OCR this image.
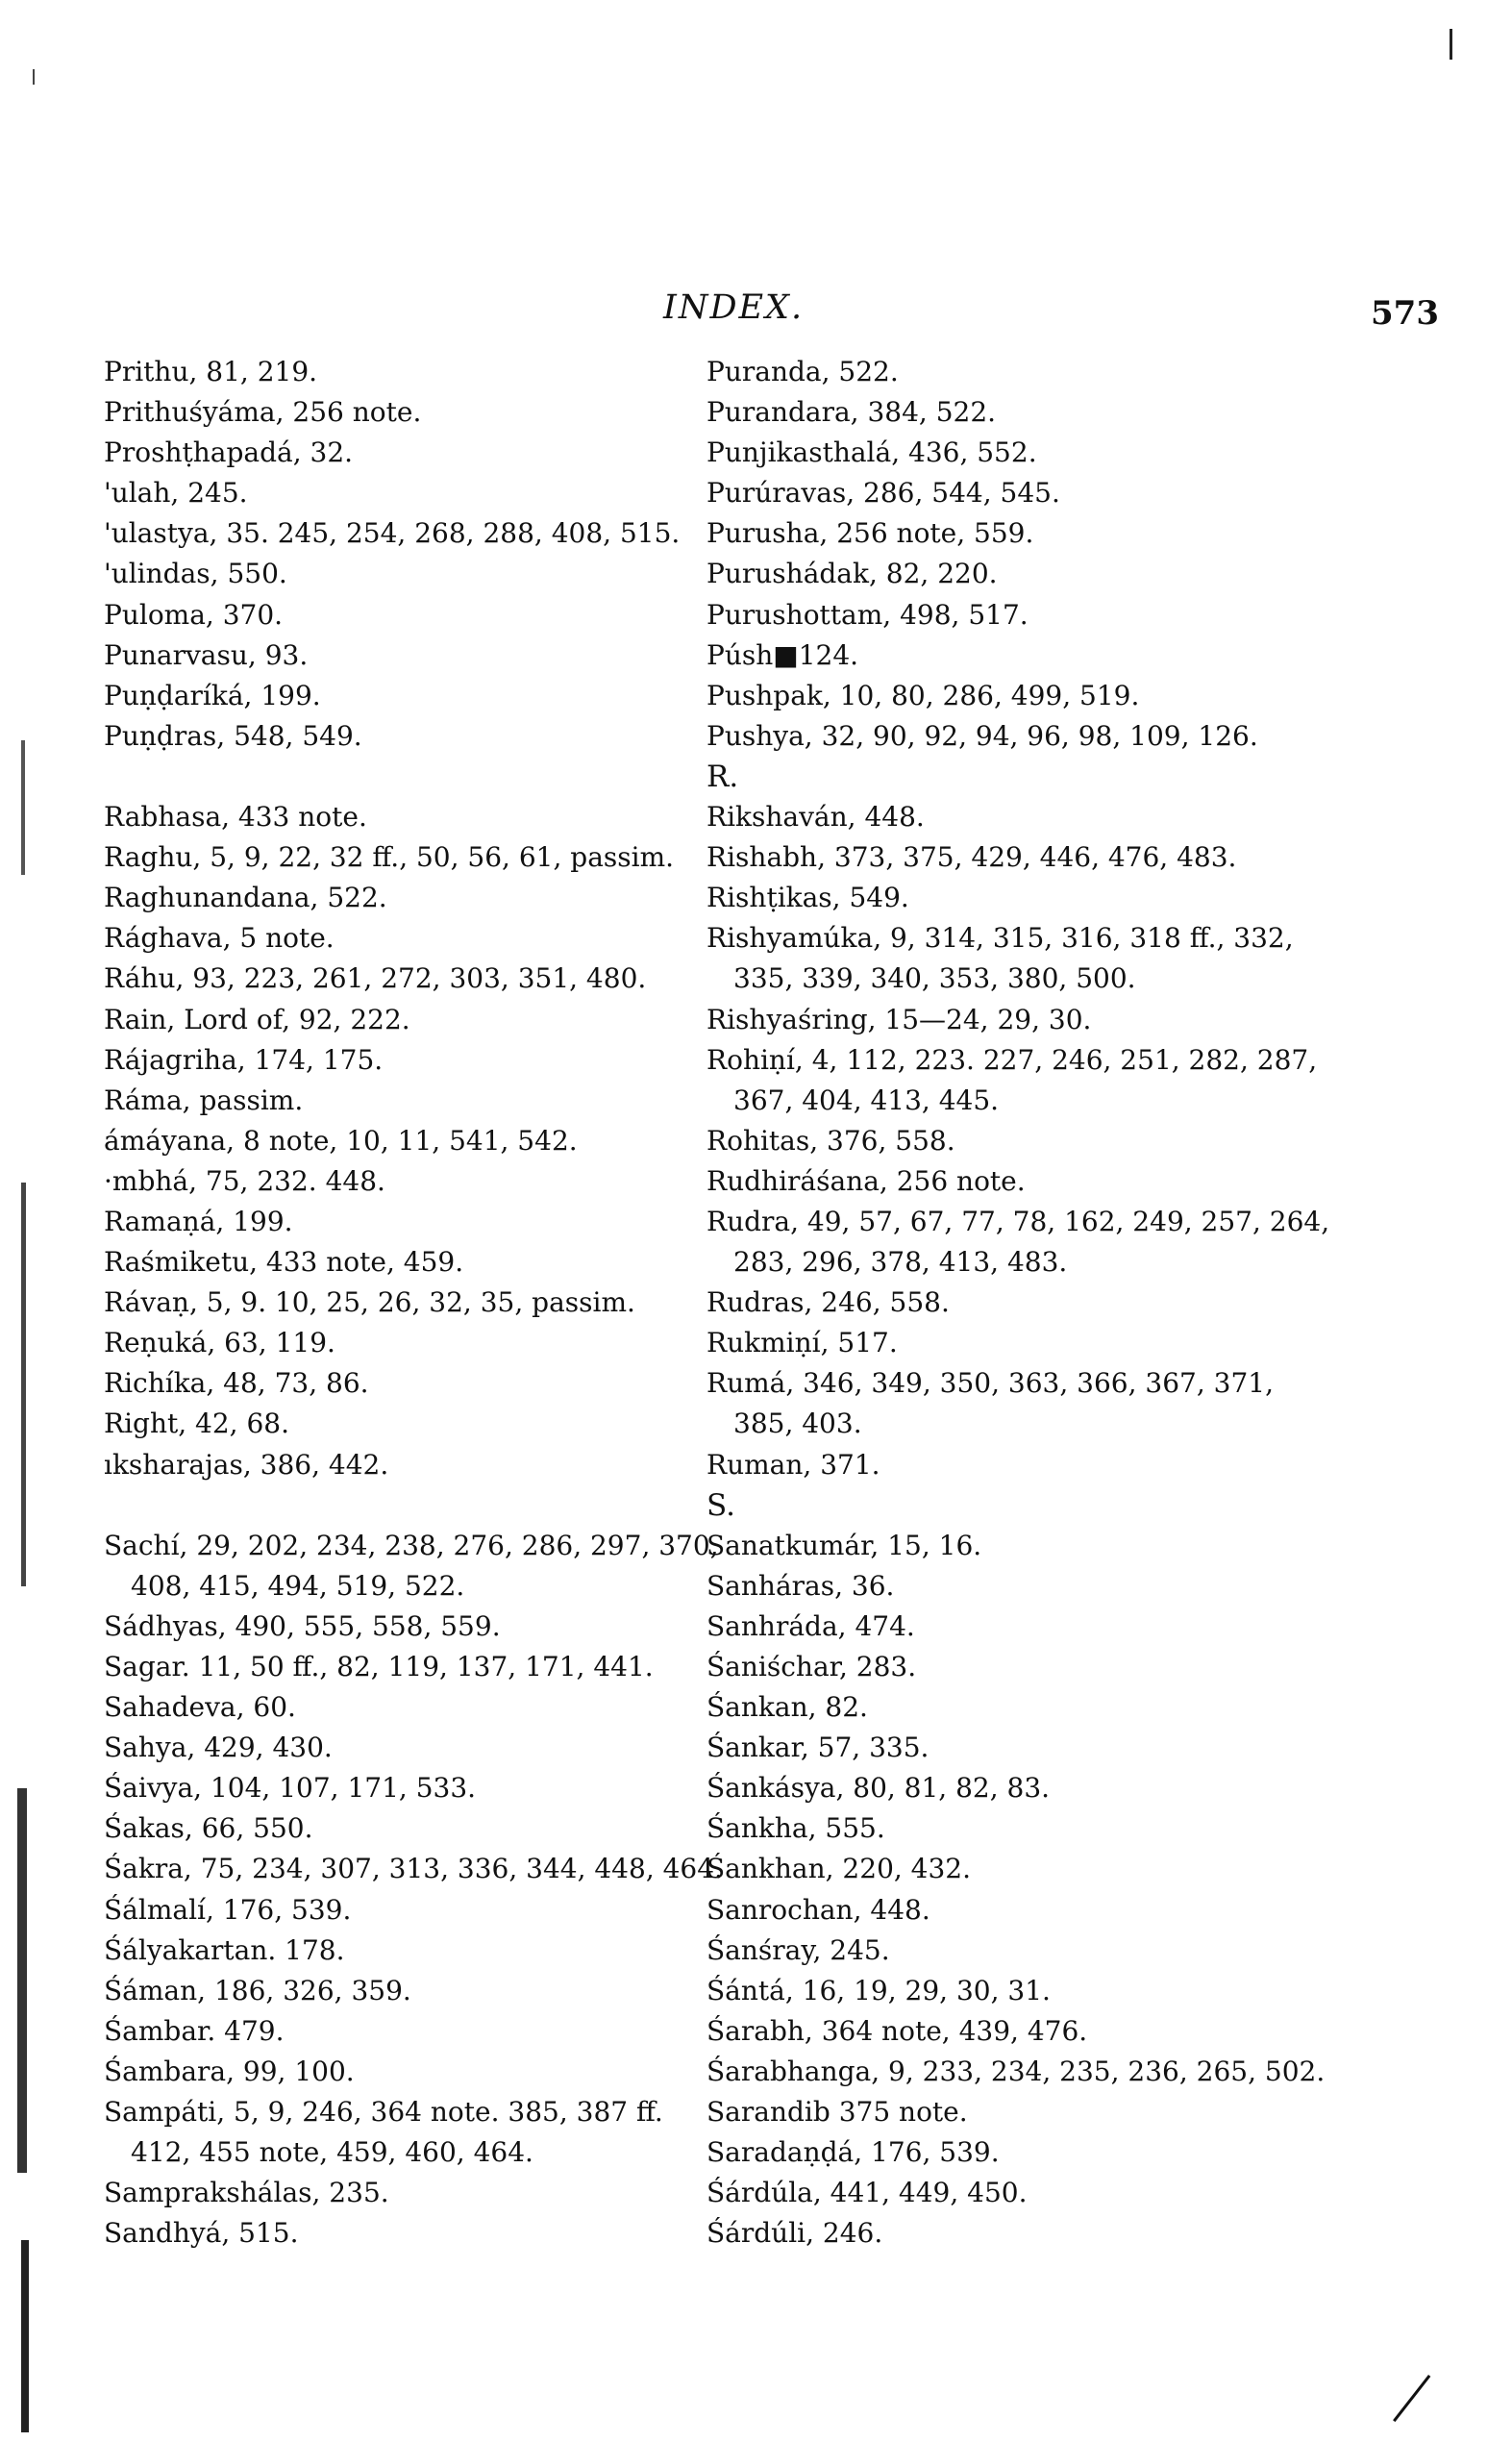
INDEX.	573
Prithu, 81, 219.
Prithuśyáma, 256 note.
Proshṭhapadá, 32.
'ulah, 245.
'ulastya, 35. 245, 254, 268, 288, 408, 515.
'ulindas, 550.
Puloma, 370.
Punarvasu, 93.
Puṇḍaríká, 199.
Puṇḍras, 548, 549.
Rabhasa, 433 note.
Raghu, 5, 9, 22, 32 ff., 50, 56, 61, passim.
Raghunandana, 522.
Rághava, 5 note.
Ráhu, 93, 223, 261, 272, 303, 351, 480.
Rain, Lord of, 92, 222.
Rájagriha, 174, 175.
Ráma, passim.
ámáyana, 8 note, 10, 11, 541, 542.
·mbhá, 75, 232. 448.
Ramaṇá, 199.
Raśmiketu, 433 note, 459.
Rávaṇ, 5, 9. 10, 25, 26, 32, 35, passim.
Reṇuká, 63, 119.
Richíka, 48, 73, 86.
Right, 42, 68.
ıksharajas, 386, 442.
Sachí, 29, 202, 234, 238, 276, 286, 297, 370,
408, 415, 494, 519, 522.
Sádhyas, 490, 555, 558, 559.
Sagar. 11, 50 ff., 82, 119, 137, 171, 441.
Sahadeva, 60.
Sahya, 429, 430.
Śaivya, 104, 107, 171, 533.
Śakas, 66, 550.
Śakra, 75, 234, 307, 313, 336, 344, 448, 464.
Śálmalí, 176, 539.
Śályakartan. 178.
Śáman, 186, 326, 359.
Śambar. 479.
Śambara, 99, 100.
Sampáti, 5, 9, 246, 364 note. 385, 387 ff.
412, 455 note, 459, 460, 464.
Samprakshálas, 235.
Sandhyá, 515.
Puranda, 522.
Purandara, 384, 522.
Punjikasthalá, 436, 552.
Purúravas, 286, 544, 545.
Purusha, 256 note, 559.
Purushádak, 82, 220.
Purushottam, 498, 517.
Púsh■124.
Pushpak, 10, 80, 286, 499, 519.
Pushya, 32, 90, 92, 94, 96, 98, 109, 126.
R.
Rikshaván, 448.
Rishabh, 373, 375, 429, 446, 476, 483.
Rishṭikas, 549.
Rishyamúka, 9, 314, 315, 316, 318 ff., 332,
335, 339, 340, 353, 380, 500.
Rishyaśring, 15—24, 29, 30.
Rohiṇí, 4, 112, 223. 227, 246, 251, 282, 287,
367, 404, 413, 445.
Rohitas, 376, 558.
Rudhiráśana, 256 note.
Rudra, 49, 57, 67, 77, 78, 162, 249, 257, 264,
283, 296, 378, 413, 483.
Rudras, 246, 558.
Rukmiṇí, 517.
Rumá, 346, 349, 350, 363, 366, 367, 371,
385, 403.
Ruman, 371.
S.
Sanatkumár, 15, 16.
Sanháras, 36.
Sanhráda, 474.
Śaniśchar, 283.
Śankan, 82.
Śankar, 57, 335.
Śankásya, 80, 81, 82, 83.
Śankha, 555.
Śankhan, 220, 432.
Sanrochan, 448.
Śanśray, 245.
Śántá, 16, 19, 29, 30, 31.
Śarabh, 364 note, 439, 476.
Śarabhanga, 9, 233, 234, 235, 236, 265, 502.
Sarandib 375 note.
Saradaṇḍá, 176, 539.
Śárdúla, 441, 449, 450.
Śárdúli, 246.
